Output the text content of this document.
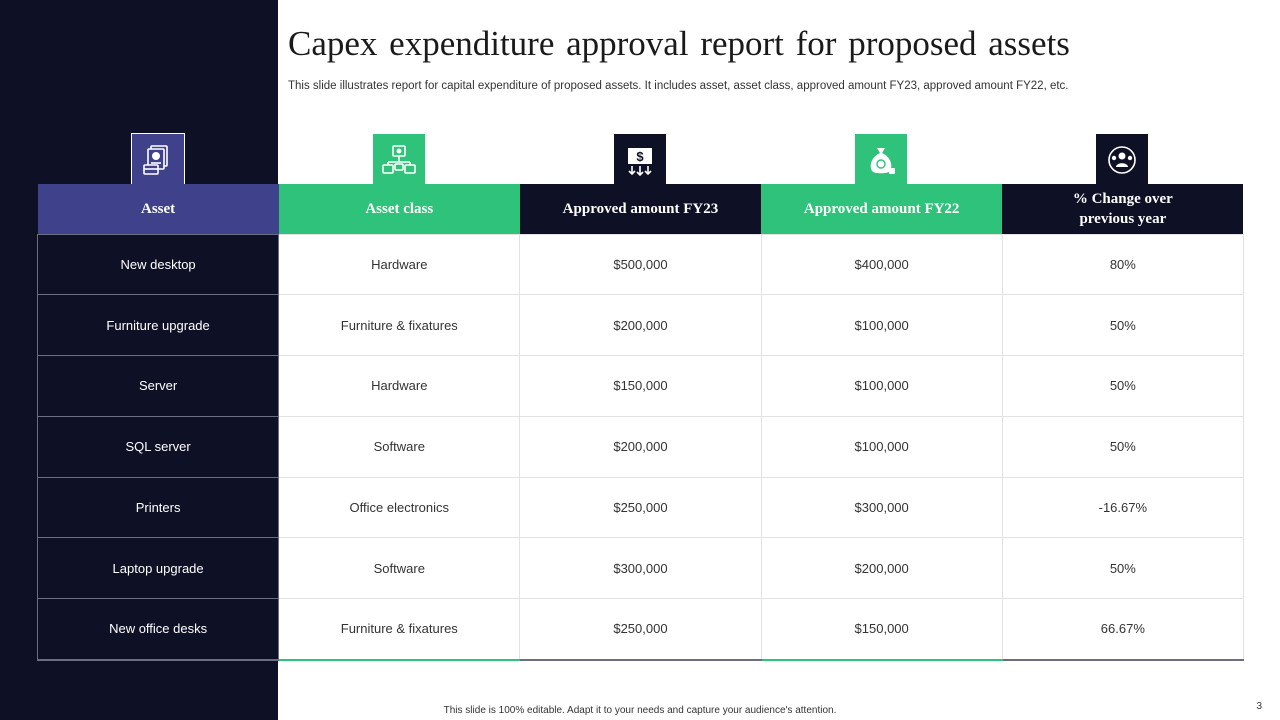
Capex expenditure approval report for proposed assets

This slide illustrates report for capital expenditure of proposed assets. It includes asset, asset class, approved amount FY23, approved amount FY22, etc.

$
Asset	Asset class	Approved amount FY23	Approved amount FY22	% Change over
previous year
New desktop	Hardware	$500,000	$400,000	80%
Furniture upgrade	Furniture & fixatures	$200,000	$100,000	50%
Server	Hardware	$150,000	$100,000	50%
SQL server	Software	$200,000	$100,000	50%
Printers	Office electronics	$250,000	$300,000	-16.67%
Laptop upgrade	Software	$300,000	$200,000	50%
New office desks	Furniture & fixatures	$250,000	$150,000	66.67%
This slide is 100% editable. Adapt it to your needs and capture your audience's attention.	3
